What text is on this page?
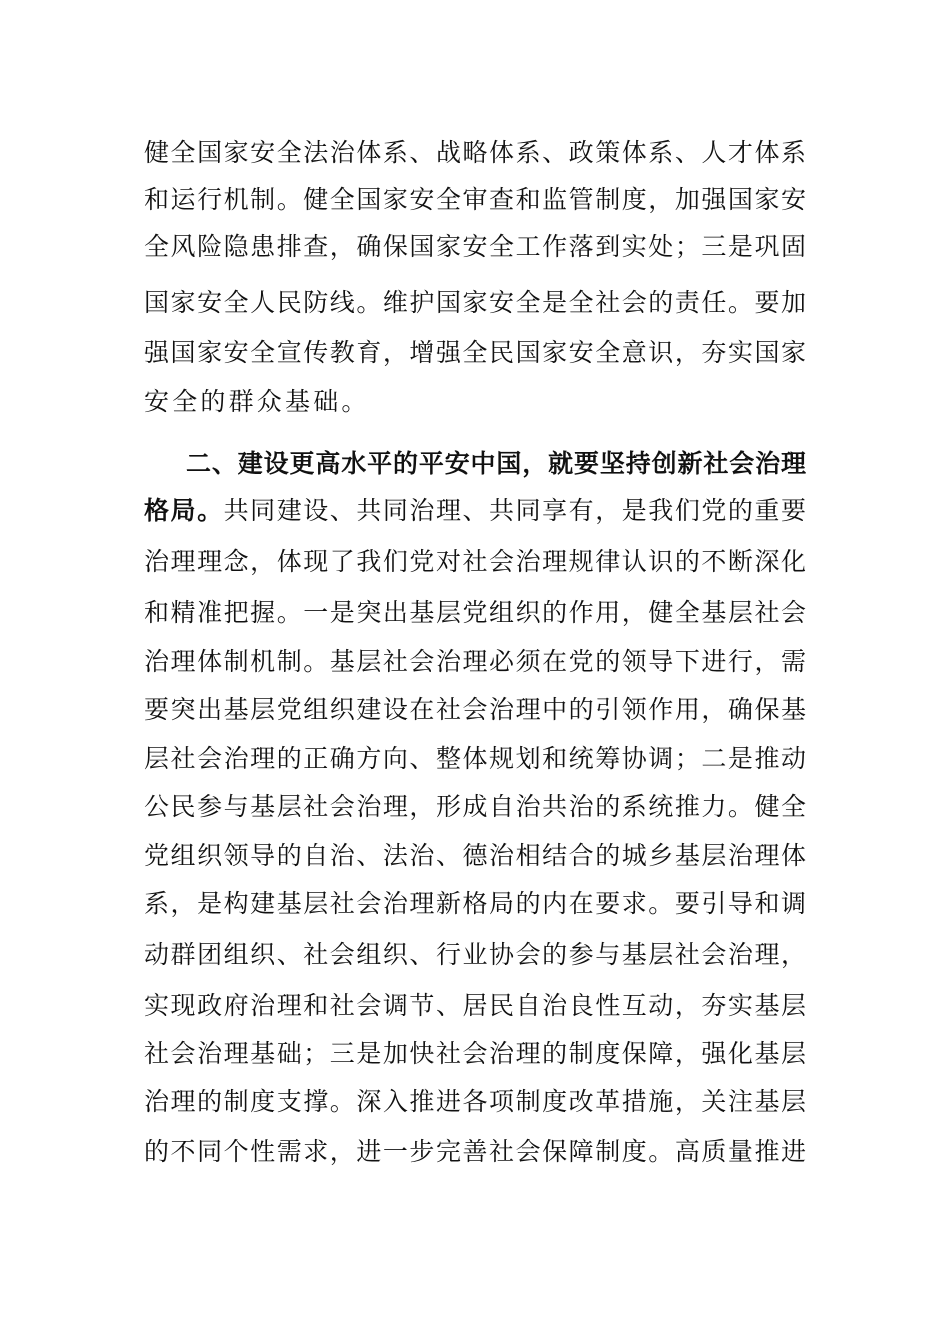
健全国家安全法治体系、战略体系、政策体系、人才体系
和运行机制。健全国家安全审查和监管制度，加强国家安
全风险隐患排查，确保国家安全工作落到实处；三是巩固
国家安全人民防线。维护国家安全是全社会的责任。要加
强国家安全宣传教育，增强全民国家安全意识，夯实国家
安全的群众基础。
二、建设更高水平的平安中国，就要坚持创新社会治理
格局。共同建设、共同治理、共同享有，是我们党的重要
治理理念，体现了我们党对社会治理规律认识的不断深化
和精准把握。一是突出基层党组织的作用，健全基层社会
治理体制机制。基层社会治理必须在党的领导下进行，需
要突出基层党组织建设在社会治理中的引领作用，确保基
层社会治理的正确方向、整体规划和统筹协调；二是推动
公民参与基层社会治理，形成自治共治的系统推力。健全
党组织领导的自治、法治、德治相结合的城乡基层治理体
系，是构建基层社会治理新格局的内在要求。要引导和调
动群团组织、社会组织、行业协会的参与基层社会治理，
实现政府治理和社会调节、居民自治良性互动，夯实基层
社会治理基础；三是加快社会治理的制度保障，强化基层
治理的制度支撑。深入推进各项制度改革措施，关注基层
的不同个性需求，进一步完善社会保障制度。高质量推进
